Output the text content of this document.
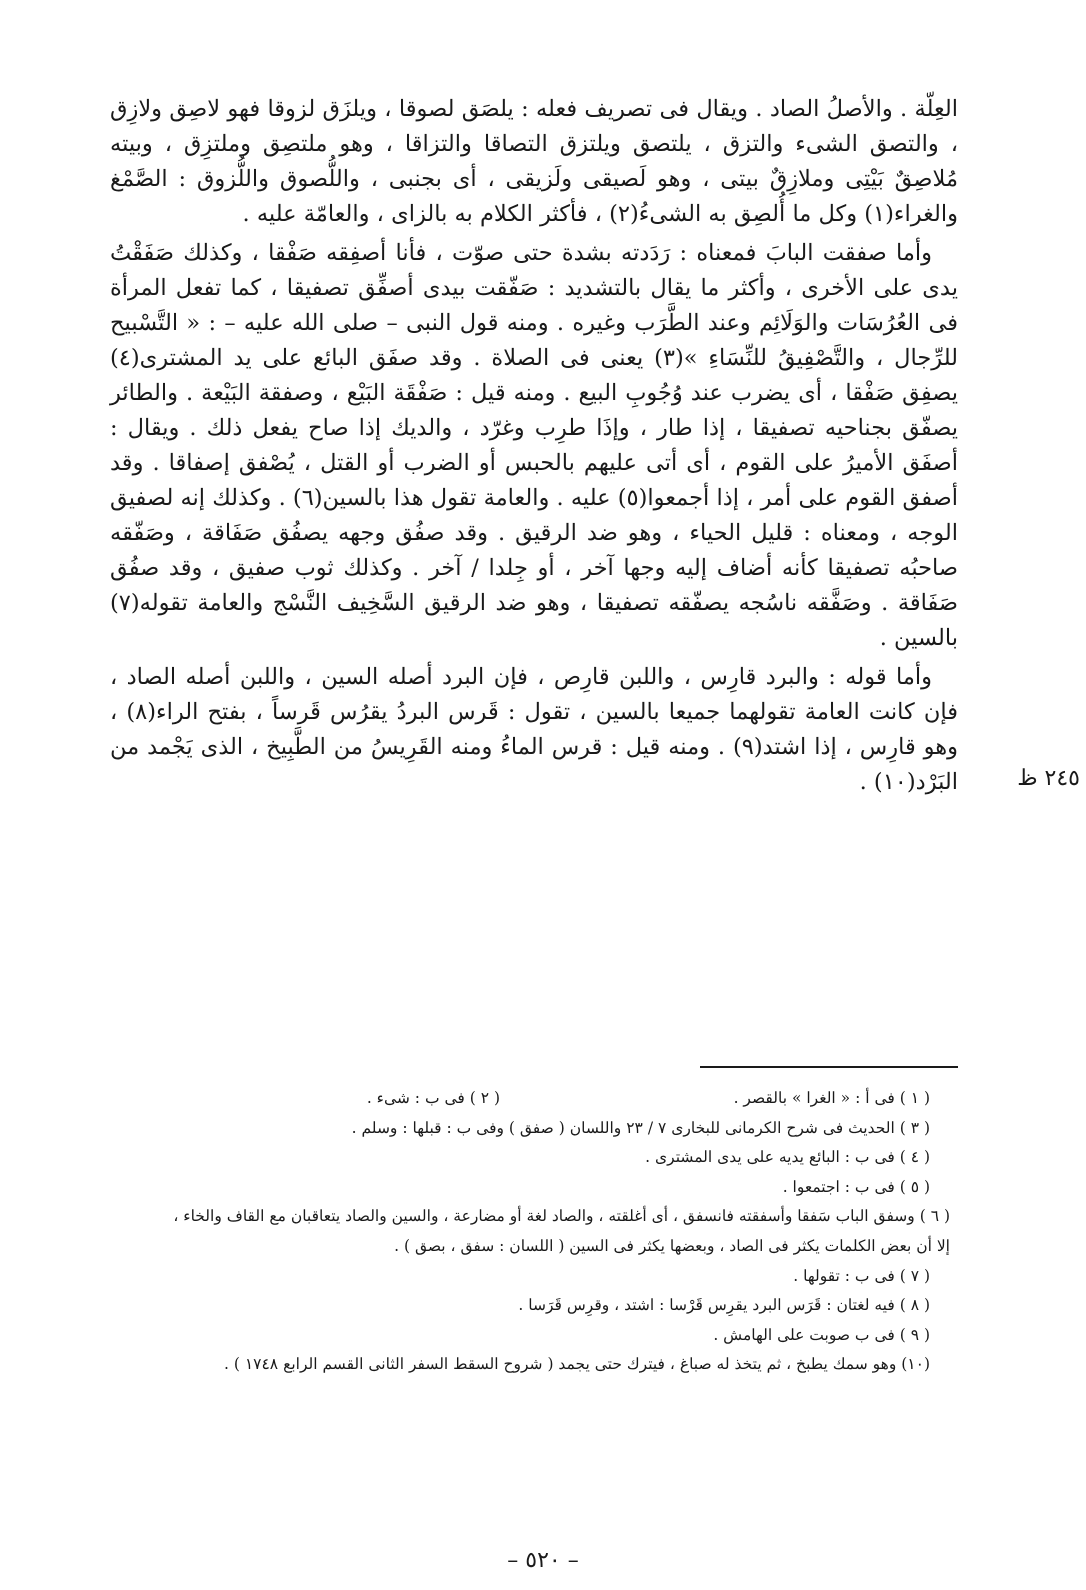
العِلّة . والأصلُ الصاد . ويقال فى تصريف فعله : يلصَق لصوقا ، ويلزَق لزوقا فهو لاصِق ولازِق ، والتصق الشىء والتزق ، يلتصق ويلتزق التصاقا والتزاقا ، وهو ملتصِق وملتزِق ، وبيته مُلاصِقٌ بَيْتِى وملازِقٌ بيتى ، وهو لَصيقى ولَزيقى ، أى بجنبى ، واللُّصوق واللُّزوق : الصَّمْغ والغراء(١) وكل ما أُلصِق به الشىءُ(٢) ، فأكثر الكلام به بالزاى ، والعامّة عليه .

وأما صفقت البابَ فمعناه : رَدَدته بشدة حتى صوّت ، فأنا أصفِقه صَفْقا ، وكذلك صَفَقْتُ يدى على الأخرى ، وأكثر ما يقال بالتشديد : صَفّقت بيدى أصفِّق تصفيقا ، كما تفعل المرأة فى العُرُسَات والوَلَائِم وعند الطَّرَب وغيره . ومنه قول النبى – صلى الله عليه – : « التَّسْبيح للرِّجال ، والتَّصْفِيقُ للنِّسَاءِ »(٣) يعنى فى الصلاة . وقد صفَق البائع على يد المشترى(٤) يصفِق صَفْقا ، أى يضرب عند وُجُوبِ البيع . ومنه قيل : صَفْقَة البَيْع ، وصفقة البَيْعة . والطائر يصفّق بجناحيه تصفيقا ، إذا طار ، وإذَا طرِب وغرّد ، والديك إذا صاح يفعل ذلك . ويقال : أصفَق الأميرُ على القوم ، أى أتى عليهم بالحبس أو الضرب أو القتل ، يُصْفق إصفاقا . وقد أصفق القوم على أمر ، إذا أجمعوا(٥) عليه . والعامة تقول هذا بالسين(٦) . وكذلك إنه لصفيق الوجه ، ومعناه : قليل الحياء ، وهو ضد الرقيق . وقد صفُق وجهه يصفُق صَفَاقة ، وصَفّقه صاحبُه تصفيقا كأنه أضاف إليه وجها آخر ، أو جِلدا / آخر . وكذلك ثوب صفيق ، وقد صفُق صَفَاقة . وصَفَّقه ناسُجه يصفّقه تصفيقا ، وهو ضد الرقيق السَّخِيف النَّسْج والعامة تقوله(٧) بالسين .

وأما قوله : والبرد قارِس ، واللبن قارِص ، فإن البرد أصله السين ، واللبن أصله الصاد ، فإن كانت العامة تقولهما جميعا بالسين ، تقول : قَرس البردُ يقرُس قَرساً ، بفتح الراء(٨) ، وهو قارِس ، إذا اشتد(٩) . ومنه قيل : قرس الماءُ ومنه القَرِيسُ من الطَّبِيخ ، الذى يَجْمد من البَرْد(١٠) .	٢٤٥ ظ

( ١ ) فى أ : « الغرا » بالقصر .

( ٢ ) فى ب : شىء .

( ٣ ) الحديث فى شرح الكرمانى للبخارى ٧ / ٢٣ واللسان ( صفق ) وفى ب : قبلها : وسلم .

( ٤ ) فى ب : البائع يديه على يدى المشترى .

( ٥ ) فى ب : اجتمعوا .

( ٦ ) وسفق الباب سَفقا وأسفقته فانسفق ، أى أغلقته ، والصاد لغة أو مضارعة ، والسين والصاد يتعاقبان مع القاف والخاء ،

إلا أن بعض الكلمات يكثر فى الصاد ، وبعضها يكثر فى السين ( اللسان : سفق ، بصق ) .

( ٧ ) فى ب : تقولها .

( ٨ ) فيه لغتان : قَرَس البرد يقرِس قَرْسا : اشتد ، وقرِس قَرَسا .

( ٩ ) فى ب صوبت على الهامش .

(١٠) وهو سمك يطبخ ، ثم يتخذ له صباغ ، فيترك حتى يجمد ( شروح السقط السفر الثانى القسم الرابع ١٧٤٨ ) .

– ٥٢٠ –
